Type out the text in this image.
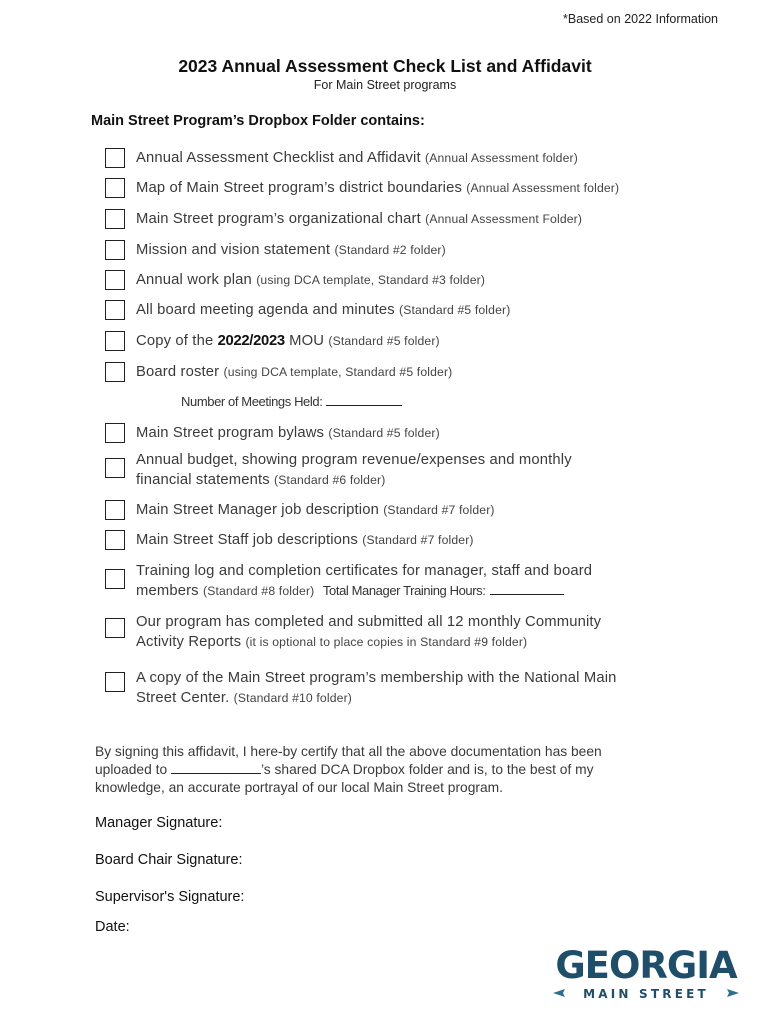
*Based on 2022 Information
2023 Annual Assessment Check List and Affidavit
For Main Street programs
Main Street Program’s Dropbox Folder contains:
Annual Assessment Checklist and Affidavit (Annual Assessment folder)
Map of Main Street program’s district boundaries (Annual Assessment folder)
Main Street program’s organizational chart (Annual Assessment Folder)
Mission and vision statement (Standard #2 folder)
Annual work plan (using DCA template, Standard #3 folder)
All board meeting agenda and minutes (Standard #5 folder)
Copy of the 2022/2023 MOU (Standard #5 folder)
Board roster (using DCA template, Standard #5 folder)
Number of Meetings Held:
Main Street program bylaws (Standard #5 folder)
Annual budget, showing program revenue/expenses and monthly
financial statements (Standard #6 folder)
Main Street Manager job description (Standard #7 folder)
Main Street Staff job descriptions (Standard #7 folder)
Training log and completion certificates for manager, staff and board
members (Standard #8 folder) Total Manager Training Hours:
Our program has completed and submitted all 12 monthly Community
Activity Reports (it is optional to place copies in Standard #9 folder)
A copy of the Main Street program’s membership with the National Main
Street Center. (Standard #10 folder)
By signing this affidavit, I here-by certify that all the above documentation has been
uploaded to	’s shared DCA Dropbox folder and is, to the best of my
knowledge, an accurate portrayal of our local Main Street program.
Manager Signature:
Board Chair Signature:
Supervisor's Signature:
Date:
GEORGIA
MAIN STREET
